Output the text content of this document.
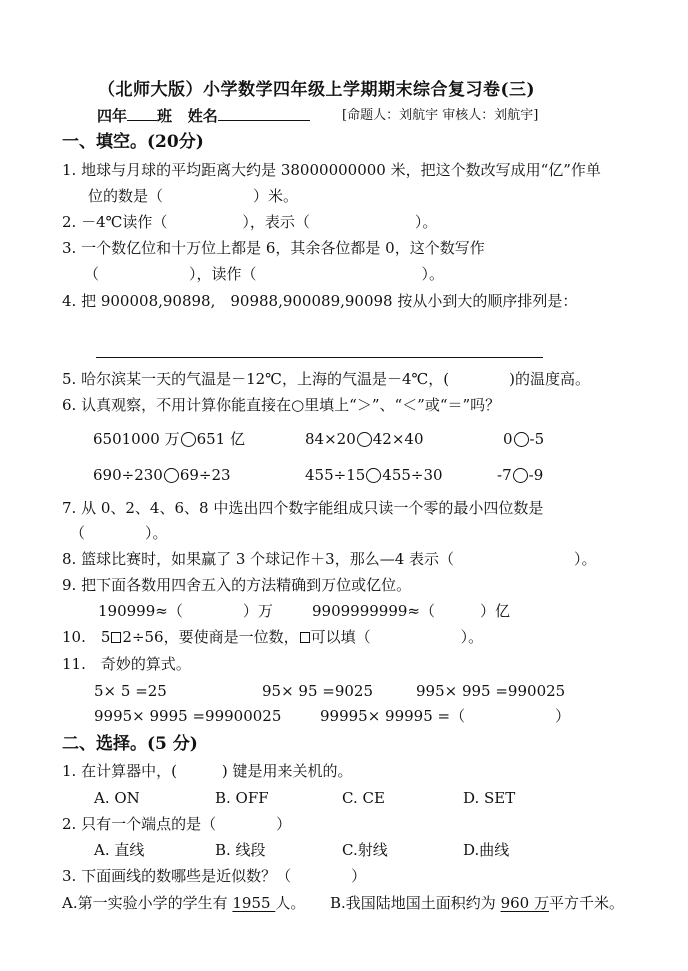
（北师大版）小学数学四年级上学期期末综合复习卷(三)
四年 班 姓名	[命题人：刘航宇 审核人：刘航宇]
一、填空。(20分)
1. 地球与月球的平均距离大约是 38000000000 米，把这个数改写成用“亿”作单
位的数是（　　　　　　）米。
2. －4℃读作（　　　　　），表示（　　　　　　　）。
3. 一个数亿位和十万位上都是 6，其余各位都是 0，这个数写作
（　　　　　　），读作（　　　　　　　　　　　）。
4. 把 900008,90898,　90988,900089,90098 按从小到大的顺序排列是：
5. 哈尔滨某一天的气温是－12℃，上海的气温是－4℃，(　　　　)的温度高。
6. 认真观察，不用计算你能直接在○里填上“＞”、“＜”或“＝”吗？
6501000 万 651 亿	84×20 42×40	0 -5
690÷230 69÷23	455÷15 455÷30	-7 -9
7. 从 0、2、4、6、8 中选出四个数字能组成只读一个零的最小四位数是
（　　　　）。
8. 篮球比赛时，如果赢了 3 个球记作＋3，那么—4 表示（　　　　　　　　）。
9. 把下面各数用四舍五入的方法精确到万位或亿位。
190999≈（　　　　）万	9909999999≈（　　　）亿
10.　5 2÷56，要使商是一位数， 可以填（　　　　　　）。
11.　奇妙的算式。
5× 5 =25	95× 95 =9025	995× 995 =990025
9995× 9995 =99900025	99995× 99995 =（　　　　　　）
二、选择。(5 分)
1. 在计算器中，(　　　) 键是用来关机的。
A. ON	B. OFF	C. CE	D. SET
2. 只有一个端点的是（　　　　）
A. 直线	B. 线段	C.射线	D.曲线
3. 下面画线的数哪些是近似数？（　　　　）
A.第一实验小学的学生有 1955 人。 B.我国陆地国土面积约为 960 万平方千米。
